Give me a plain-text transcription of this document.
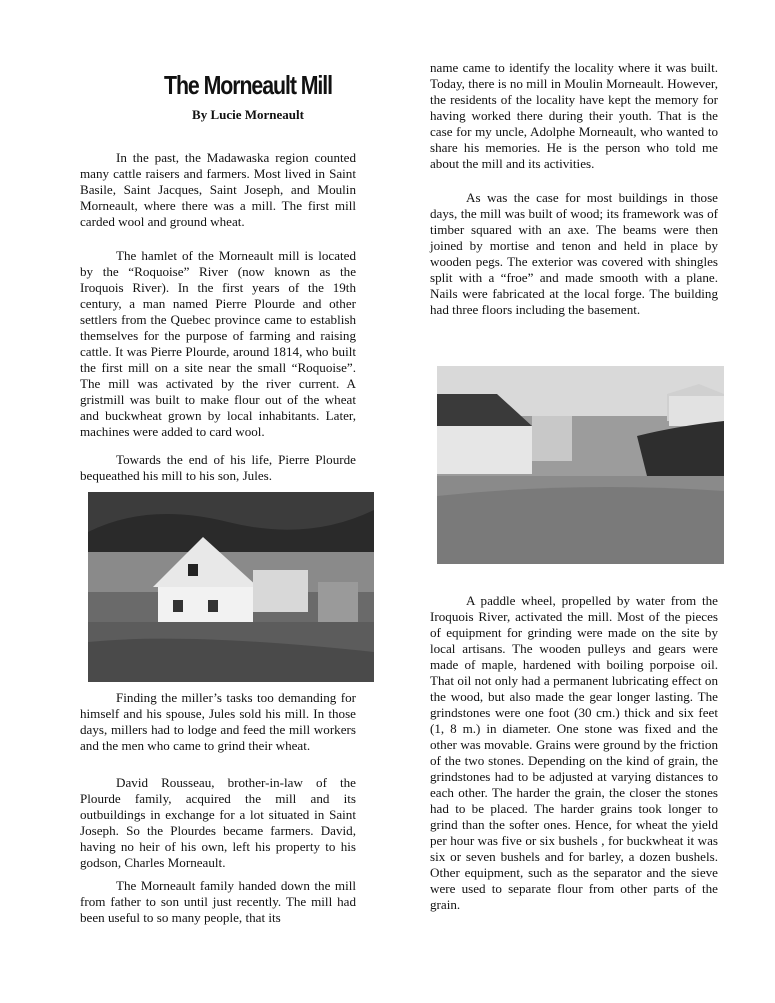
The Morneault Mill
By Lucie Morneault

In the past, the Madawaska region counted many cattle raisers and farmers. Most lived in Saint Basile, Saint Jacques, Saint Joseph, and Moulin Morneault, where there was a mill. The first mill carded wool and ground wheat.

The hamlet of the Morneault mill is located by the “Roquoise” River (now known as the Iroquois River). In the first years of the 19th century, a man named Pierre Plourde and other settlers from the Quebec province came to establish themselves for the purpose of farming and raising cattle. It was Pierre Plourde, around 1814, who built the first mill on a site near the small “Roquoise”. The mill was activated by the river current. A gristmill was built to make flour out of the wheat and buckwheat grown by local inhabitants. Later, machines were added to card wool.

Towards the end of his life, Pierre Plourde bequeathed his mill to his son, Jules.

Finding the miller’s tasks too demanding for himself and his spouse, Jules sold his mill. In those days, millers had to lodge and feed the mill workers and the men who came to grind their wheat.

David Rousseau, brother-in-law of the Plourde family, acquired the mill and its outbuildings in exchange for a lot situated in Saint Joseph. So the Plourdes became farmers. David, having no heir of his own, left his property to his godson, Charles Morneault.

The Morneault family handed down the mill from father to son until just recently. The mill had been useful to so many people, that its

name came to identify the locality where it was built. Today, there is no mill in Moulin Morneault. However, the residents of the locality have kept the memory for having worked there during their youth. That is the case for my uncle, Adolphe Morneault, who wanted to share his memories. He is the person who told me about the mill and its activities.

As was the case for most buildings in those days, the mill was built of wood; its framework was of timber squared with an axe. The beams were then joined by mortise and tenon and held in place by wooden pegs. The exterior was covered with shingles split with a “froe” and made smooth with a plane. Nails were fabricated at the local forge. The building had three floors including the basement.

A paddle wheel, propelled by water from the Iroquois River, activated the mill. Most of the pieces of equipment for grinding were made on the site by local artisans. The wooden pulleys and gears were made of maple, hardened with boiling porpoise oil. That oil not only had a permanent lubricating effect on the wood, but also made the gear longer lasting. The grindstones were one foot (30 cm.) thick and six feet (1, 8 m.) in diameter. One stone was fixed and the other was movable. Grains were ground by the friction of the two stones. Depending on the kind of grain, the grindstones had to be adjusted at varying distances to each other. The harder the grain, the closer the stones had to be placed. The harder grains took longer to grind than the softer ones. Hence, for wheat the yield per hour was five or six bushels , for buckwheat it was six or seven bushels and for barley, a dozen bushels. Other equipment, such as the separator and the sieve were used to separate flour from other parts of the grain.
